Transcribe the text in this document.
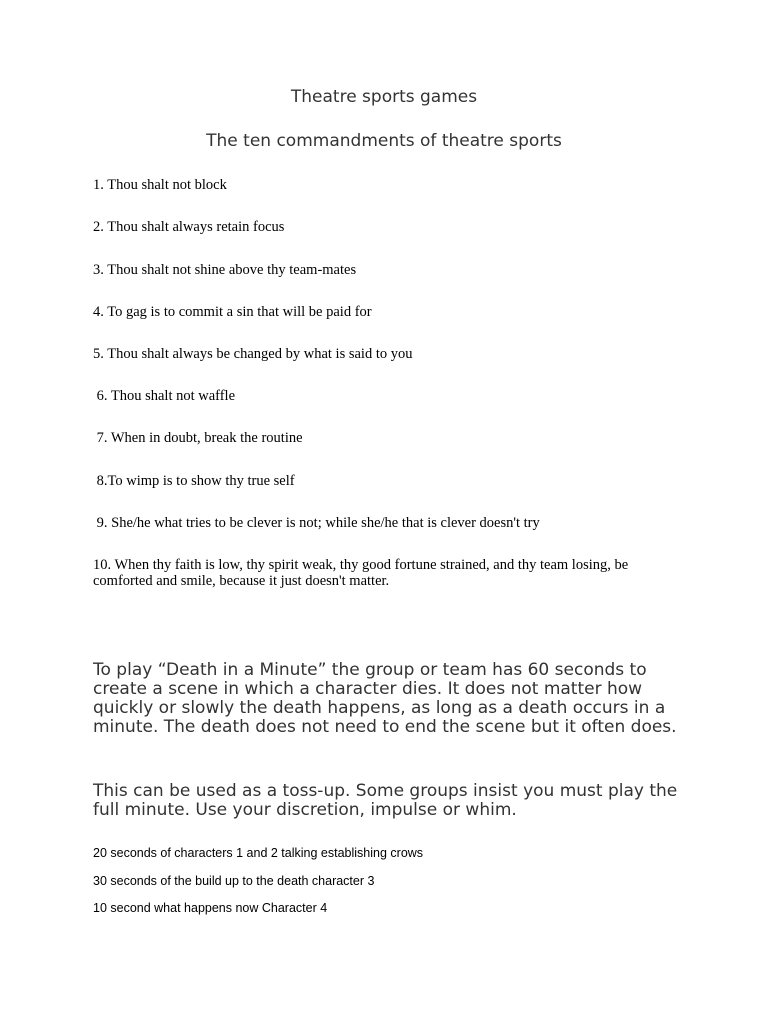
Theatre sports games
The ten commandments of theatre sports
1. Thou shalt not block
2. Thou shalt always retain focus
3. Thou shalt not shine above thy team-mates
4. To gag is to commit a sin that will be paid for
5. Thou shalt always be changed by what is said to you
6. Thou shalt not waffle
7. When in doubt, break the routine
8.To wimp is to show thy true self
9. She/he what tries to be clever is not; while she/he that is clever doesn't try
10. When thy faith is low, thy spirit weak, thy good fortune strained, and thy team losing, be comforted and smile, because it just doesn't matter.
To play “Death in a Minute” the group or team has 60 seconds to create a scene in which a character dies. It does not matter how quickly or slowly the death happens, as long as a death occurs in a minute. The death does not need to end the scene but it often does.
This can be used as a toss-up. Some groups insist you must play the full minute. Use your discretion, impulse or whim.
20 seconds of characters 1 and 2 talking establishing crows
30 seconds of the build up to the death character 3
10 second what happens now Character 4
